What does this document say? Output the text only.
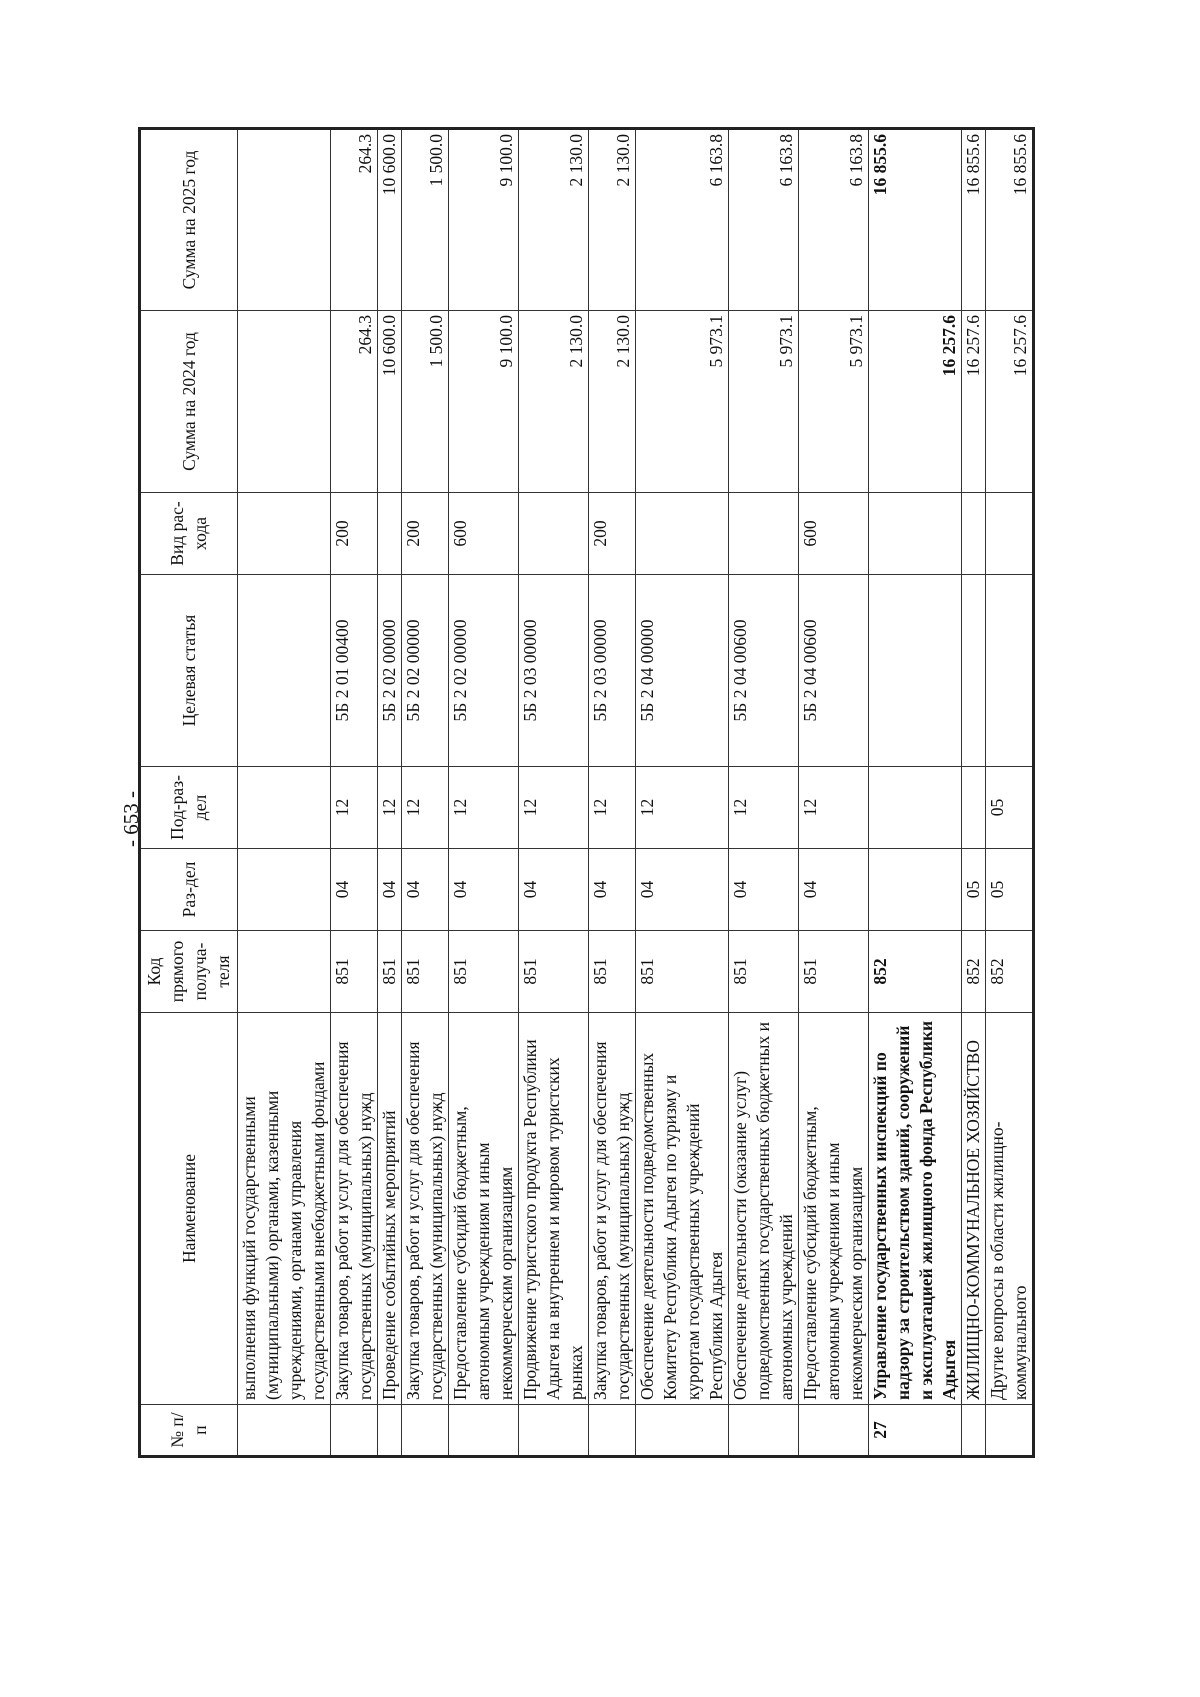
- 653 -
№ п/п	Наименование	Код прямого получа-теля	Раз-дел	Под-раз-дел	Целевая статья	Вид рас-хода	Сумма на 2024 год	Сумма на 2025 год
	выполнения функций государственными (муниципальными) органами, казенными учреждениями, органами управления государственными внебюджетными фондами							
	Закупка товаров, работ и услуг для обеспечения государственных (муниципальных) нужд	851	04	12	5Б 2 01 00400	200	264.3	264.3
	Проведение событийных мероприятий	851	04	12	5Б 2 02 00000		10 600.0	10 600.0
	Закупка товаров, работ и услуг для обеспечения государственных (муниципальных) нужд	851	04	12	5Б 2 02 00000	200	1 500.0	1 500.0
	Предоставление субсидий бюджетным, автономным учреждениям и иным некоммерческим организациям	851	04	12	5Б 2 02 00000	600	9 100.0	9 100.0
	Продвижение туристского продукта Республики Адыгея на внутреннем и мировом туристских рынках	851	04	12	5Б 2 03 00000		2 130.0	2 130.0
	Закупка товаров, работ и услуг для обеспечения государственных (муниципальных) нужд	851	04	12	5Б 2 03 00000	200	2 130.0	2 130.0
	Обеспечение деятельности подведомственных Комитету Республики Адыгея по туризму и курортам государственных учреждений Республики Адыгея	851	04	12	5Б 2 04 00000		5 973.1	6 163.8
	Обеспечение деятельности (оказание услуг) подведомственных государственных бюджетных и автономных учреждений	851	04	12	5Б 2 04 00600		5 973.1	6 163.8
	Предоставление субсидий бюджетным, автономным учреждениям и иным некоммерческим организациям	851	04	12	5Б 2 04 00600	600	5 973.1	6 163.8
27	Управление государственных инспекций по надзору за строительством зданий, сооружений и эксплуатацией жилищного фонда Республики Адыгея	852					16 257.6	16 855.6
	ЖИЛИЩНО-КОММУНАЛЬНОЕ ХОЗЯЙСТВО	852	05				16 257.6	16 855.6
	Другие вопросы в области жилищно-коммунального	852	05	05			16 257.6	16 855.6
